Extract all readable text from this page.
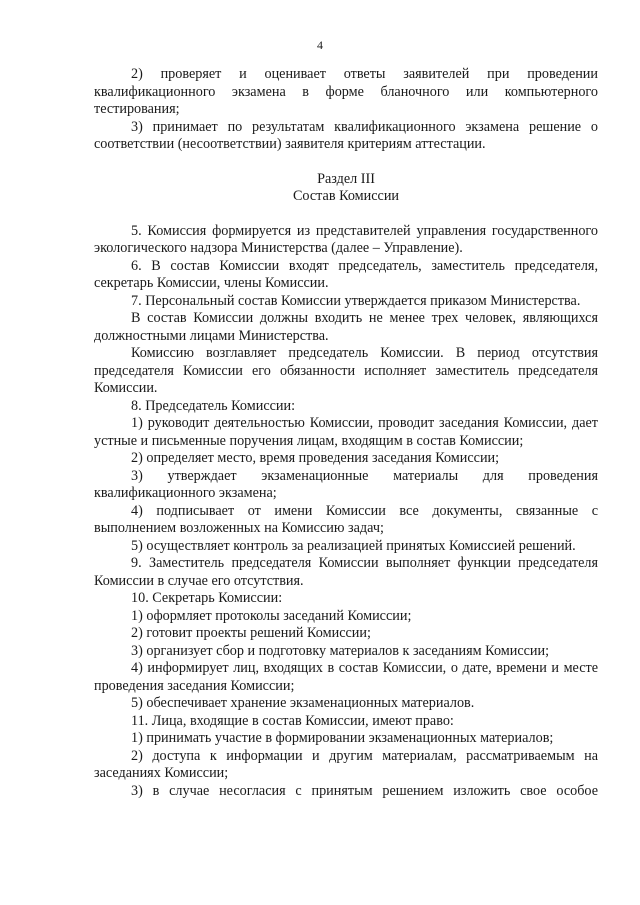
4

2) проверяет и оценивает ответы заявителей при проведении квалификационного экзамена в форме бланочного или компьютерного тестирования;

3) принимает по результатам квалификационного экзамена решение о соответствии (несоответствии) заявителя критериям аттестации.

Раздел III
Состав Комиссии

5. Комиссия формируется из представителей управления государственного экологического надзора Министерства (далее – Управление).

6. В состав Комиссии входят председатель, заместитель председателя, секретарь Комиссии, члены Комиссии.

7. Персональный состав Комиссии утверждается приказом Министерства.

В состав Комиссии должны входить не менее трех человек, являющихся должностными лицами Министерства.

Комиссию возглавляет председатель Комиссии. В период отсутствия председателя Комиссии его обязанности исполняет заместитель председателя Комиссии.

8. Председатель Комиссии:

1) руководит деятельностью Комиссии, проводит заседания Комиссии, дает устные и письменные поручения лицам, входящим в состав Комиссии;

2) определяет место, время проведения заседания Комиссии;

3) утверждает экзаменационные материалы для проведения квалификационного экзамена;

4) подписывает от имени Комиссии все документы, связанные с выполнением возложенных на Комиссию задач;

5) осуществляет контроль за реализацией принятых Комиссией решений.

9. Заместитель председателя Комиссии выполняет функции председателя Комиссии в случае его отсутствия.

10. Секретарь Комиссии:

1) оформляет протоколы заседаний Комиссии;

2) готовит проекты решений Комиссии;

3) организует сбор и подготовку материалов к заседаниям Комиссии;

4) информирует лиц, входящих в состав Комиссии, о дате, времени и месте проведения заседания Комиссии;

5) обеспечивает хранение экзаменационных материалов.

11. Лица, входящие в состав Комиссии, имеют право:

1) принимать участие в формировании экзаменационных материалов;

2) доступа к информации и другим материалам, рассматриваемым на заседаниях Комиссии;

3) в случае несогласия с принятым решением изложить свое особое
